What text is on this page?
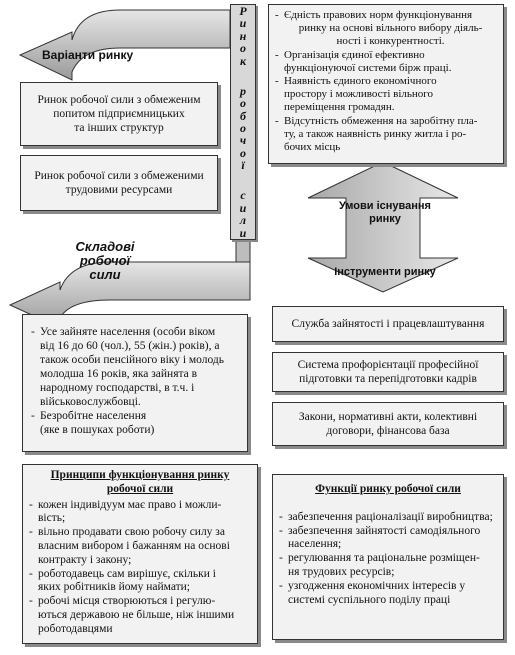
Р
и
н
о
к
р
о
б
о
ч
о
ї
с
и
л
и
Варіанти ринку
Складові
робочої
сили
Умови існування
ринку
Інструменти ринку
Ринок робочої сили з обмеженим
попитом підприємницьких
та інших структур
Ринок робочої сили з обмеженими
трудовими ресурсами
- Єдність правових норм функціонування
ринку на основі вільного вибору діяль-
ності і конкурентності.
- Організація єдиної ефективно
функціонуючої системи бірж праці.
- Наявність єдиного економічного
простору і можливості вільного
переміщення громадян.
- Відсутність обмеження на заробітну пла-
ту, а також наявність ринку житла і ро-
бочих місць
- Усе зайняте населення (особи віком
від 16 до 60 (чол.), 55 (жін.) років), а
також особи пенсійного віку і молодь
молодша 16 років, яка зайнята в
народному господарстві, в т.ч. і
військовослужбовці.
- Безробітне населення
(яке в пошуках роботи)
Служба зайнятості і працевлаштування
Система профорієнтації професійної
підготовки та перепідготовки кадрів
Закони, нормативні акти, колективні
договори, фінансова база
Принципи функціонування ринку
робочої сили
- кожен індивідуум має право і можли-
вість;
- вільно продавати свою робочу силу за
власним вибором і бажанням на основі
контракту і закону;
- роботодавець сам вирішує, скільки і
яких робітників йому наймати;
- робочі місця створюються і регулю-
ються державою не більше, ніж іншими
роботодавцями
Функції ринку робочої сили
- забезпечення раціоналізації виробництва;
- забезпечення зайнятості самодіяльного
населення;
- регулювання та раціональне розміщен-
ня трудових ресурсів;
- узгодження економічних інтересів у
системі суспільного поділу праці
